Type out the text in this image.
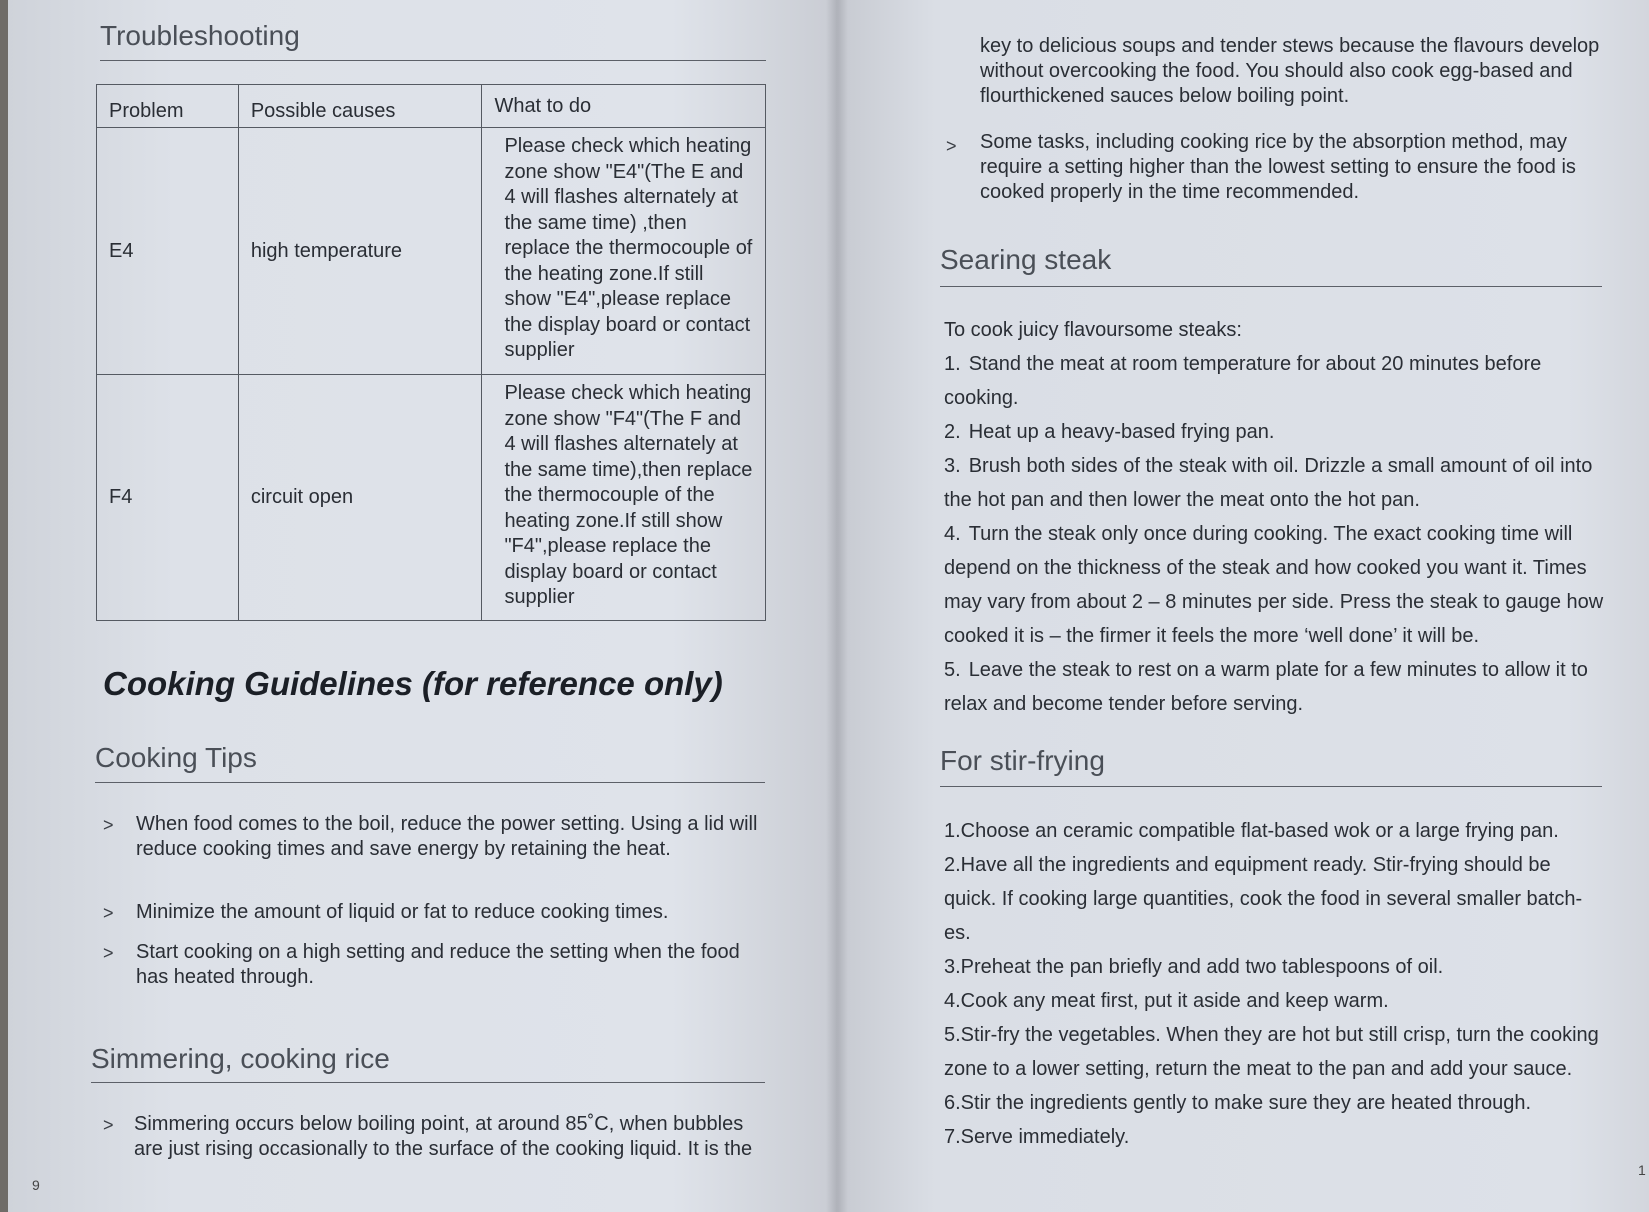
Troubleshooting
Problem	Possible causes	What to do
E4	high temperature	Please check which heating zone show "E4"(The E and 4 will flashes alternately at the same time) ,then replace the thermocouple of the heating zone.If still show "E4",please replace the display board or contact supplier
F4	circuit open	Please check which heating zone show "F4"(The F and 4 will flashes alternately at the same time),then replace the thermocouple of the heating zone.If still show "F4",please replace the display board or contact supplier
Cooking Guidelines (for reference only)
Cooking Tips
> When food comes to the boil, reduce the power setting. Using a lid will reduce cooking times and save energy by retaining the heat.
> Minimize the amount of liquid or fat to reduce cooking times.
> Start cooking on a high setting and reduce the setting when the food has heated through.
Simmering, cooking rice
> Simmering occurs below boiling point, at around 85˚C, when bubbles are just rising occasionally to the surface of the cooking liquid. It is the
9
key to delicious soups and tender stews because the flavours develop without overcooking the food. You should also cook egg-based and flourthickened sauces below boiling point.
> Some tasks, including cooking rice by the absorption method, may require a setting higher than the lowest setting to ensure the food is cooked properly in the time recommended.
Searing steak
To cook juicy flavoursome steaks:
1. Stand the meat at room temperature for about 20 minutes before cooking.
2. Heat up a heavy-based frying pan.
3. Brush both sides of the steak with oil. Drizzle a small amount of oil into the hot pan and then lower the meat onto the hot pan.
4. Turn the steak only once during cooking. The exact cooking time will depend on the thickness of the steak and how cooked you want it. Times may vary from about 2 – 8 minutes per side. Press the steak to gauge how cooked it is – the firmer it feels the more ‘well done’ it will be.
5. Leave the steak to rest on a warm plate for a few minutes to allow it to relax and become tender before serving.
For stir-frying
1.Choose an ceramic compatible flat-based wok or a large frying pan.
2.Have all the ingredients and equipment ready. Stir-frying should be quick. If cooking large quantities, cook the food in several smaller batch-es.
3.Preheat the pan briefly and add two tablespoons of oil.
4.Cook any meat first, put it aside and keep warm.
5.Stir-fry the vegetables. When they are hot but still crisp, turn the cooking zone to a lower setting, return the meat to the pan and add your sauce.
6.Stir the ingredients gently to make sure they are heated through.
7.Serve immediately.
1
